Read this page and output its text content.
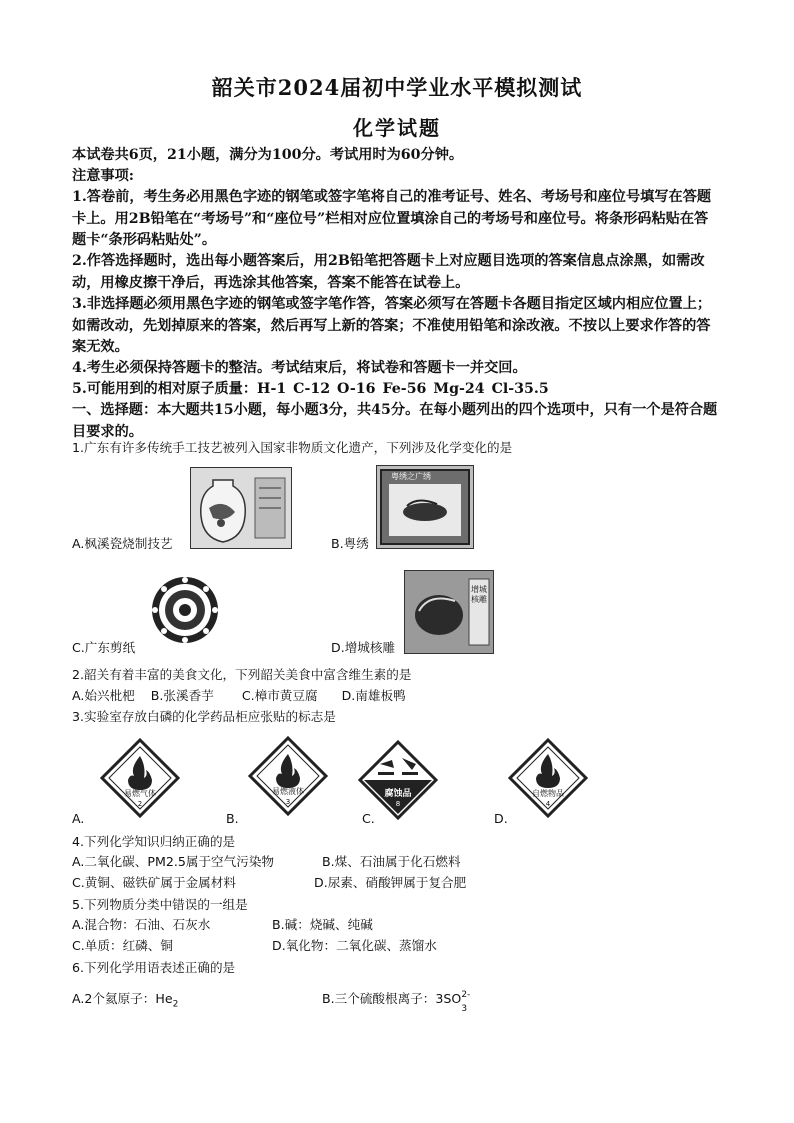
韶关市2024届初中学业水平模拟测试
化学试题
本试卷共6页，21小题，满分为100分。考试用时为60分钟。
注意事项:
1.答卷前，考生务必用黑色字迹的钢笔或签字笔将自己的准考证号、姓名、考场号和座位号填写在答题卡上。用2B铅笔在“考场号”和“座位号”栏相对应位置填涂自己的考场号和座位号。将条形码粘贴在答题卡“条形码粘贴处”。
2.作答选择题时，选出每小题答案后，用2B铅笔把答题卡上对应题目选项的答案信息点涂黑，如需改动，用橡皮擦干净后，再选涂其他答案，答案不能答在试卷上。
3.非选择题必须用黑色字迹的钢笔或签字笔作答，答案必须写在答题卡各题目指定区域内相应位置上；如需改动，先划掉原来的答案，然后再写上新的答案；不准使用铅笔和涂改液。不按以上要求作答的答案无效。
4.考生必须保持答题卡的整洁。考试结束后，将试卷和答题卡一并交回。
5.可能用到的相对原子质量：H-1 C-12 O-16 Fe-56 Mg-24 Cl-35.5
一、选择题：本大题共15小题，每小题3分，共45分。在每小题列出的四个选项中，只有一个是符合题目要求的。
1.广东有许多传统手工技艺被列入国家非物质文化遗产，下列涉及化学变化的是
A.枫溪瓷烧制技艺
粤绣之广绣
B.粤绣
C.广东剪纸
增城核雕
D.增城核雕
2.韶关有着丰富的美食文化，下列韶关美食中富含维生素的是
A.始兴枇杷    B.张溪香芋       C.樟市黄豆腐      D.南雄板鸭
3.实验室存放白磷的化学药品柜应张贴的标志是
易燃气体
2
A.
易燃液体
3
B.
腐蚀品
8
C.
自燃物品
4
D.
4.下列化学知识归纳正确的是
A.二氧化碳、PM2.5属于空气污染物	B.煤、石油属于化石燃料
C.黄铜、磁铁矿属于金属材料	D.尿素、硝酸钾属于复合肥
5.下列物质分类中错误的一组是
A.混合物：石油、石灰水	B.碱：烧碱、纯碱
C.单质：红磷、铜	D.氧化物：二氧化碳、蒸馏水
6.下列化学用语表述正确的是
A.2个氦原子：$He_2$	B.三个硫酸根离子：3SO 2-
3
